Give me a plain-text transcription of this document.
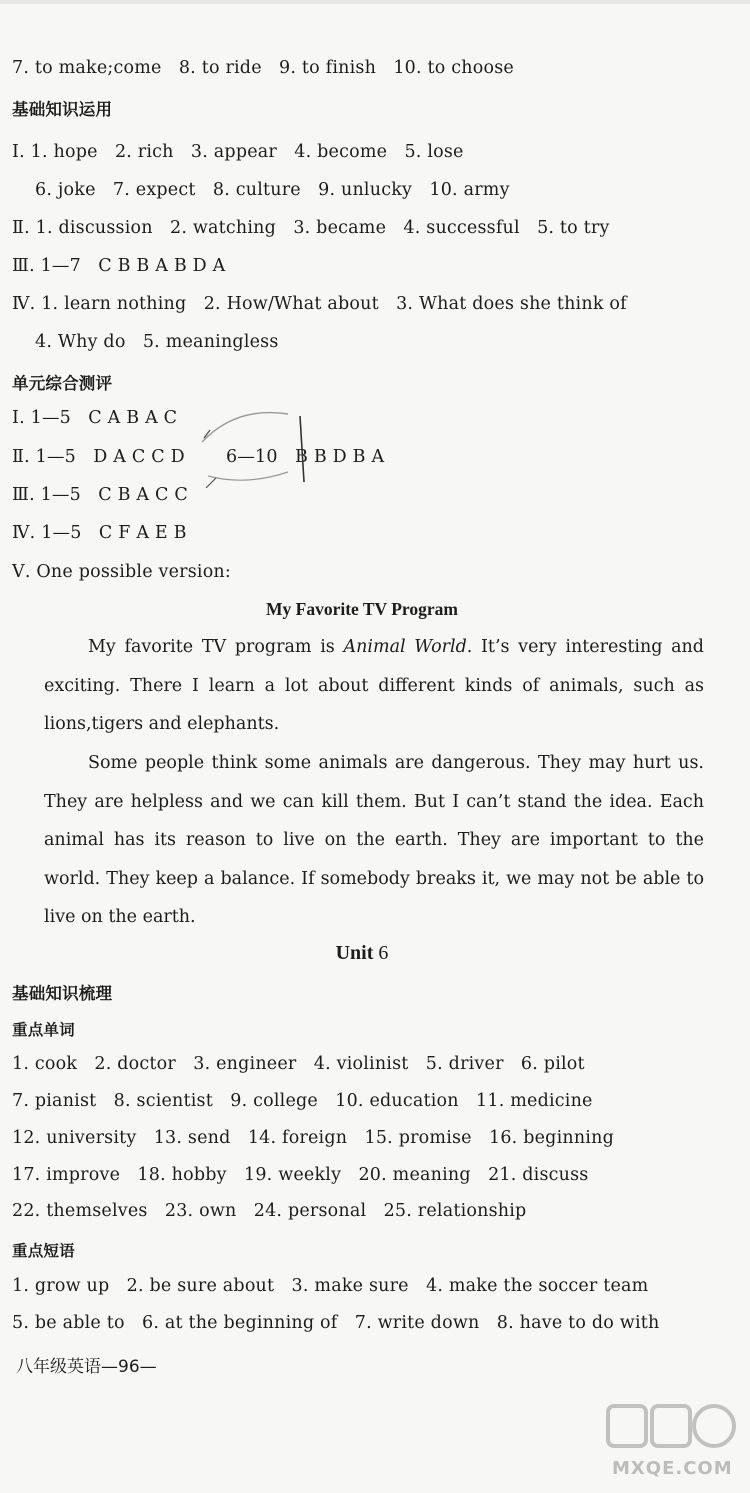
7. to make;come   8. to ride   9. to finish   10. to choose
基础知识运用
Ⅰ. 1. hope   2. rich   3. appear   4. become   5. lose
6. joke   7. expect   8. culture   9. unlucky   10. army
Ⅱ. 1. discussion   2. watching   3. became   4. successful   5. to try
Ⅲ. 1—7   C B B A B D A
Ⅳ. 1. learn nothing   2. How/What about   3. What does she think of
4. Why do   5. meaningless
单元综合测评
Ⅰ. 1—5   C A B A C
Ⅱ. 1—5   D A C C D 6—10   B B D B A
Ⅲ. 1—5   C B A C C
Ⅳ. 1—5   C F A E B
Ⅴ. One possible version:
My Favorite TV Program

My favorite TV program is Animal World. It’s very interesting and exciting. There I learn a lot about different kinds of animals, such as lions,tigers and elephants.

Some people think some animals are dangerous. They may hurt us. They are helpless and we can kill them. But I can’t stand the idea. Each animal has its reason to live on the earth. They are important to the world. They keep a balance. If somebody breaks it, we may not be able to live on the earth.

Unit 6
基础知识梳理
重点单词
1. cook   2. doctor   3. engineer   4. violinist   5. driver   6. pilot
7. pianist   8. scientist   9. college   10. education   11. medicine
12. university   13. send   14. foreign   15. promise   16. beginning
17. improve   18. hobby   19. weekly   20. meaning   21. discuss
22. themselves   23. own   24. personal   25. relationship
重点短语
1. grow up   2. be sure about   3. make sure   4. make the soccer team
5. be able to   6. at the beginning of   7. write down   8. have to do with
八年级英语—96—
MXQE.COM
